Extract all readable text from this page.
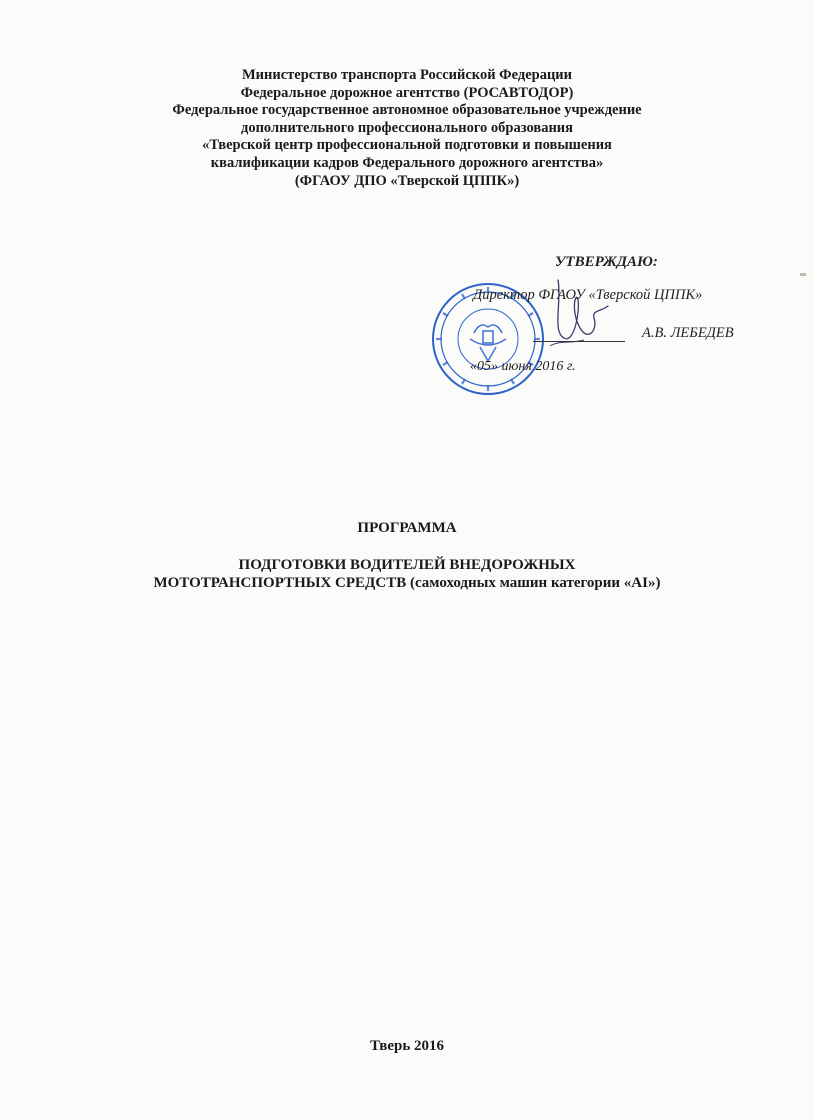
Министерство транспорта Российской Федерации
Федеральное дорожное агентство (РОСАВТОДОР)
Федеральное государственное автономное образовательное учреждение
дополнительного профессионального образования
«Тверской центр профессиональной подготовки и повышения
квалификации кадров Федерального дорожного агентства»
(ФГАОУ ДПО «Тверской ЦППК»)
УТВЕРЖДАЮ:
Директор ФГАОУ «Тверской ЦППК»
А.В. ЛЕБЕДЕВ
«05» июня 2016 г.
ПРОГРАММА
ПОДГОТОВКИ ВОДИТЕЛЕЙ ВНЕДОРОЖНЫХ
МОТОТРАНСПОРТНЫХ СРЕДСТВ (самоходных машин категории «AI»)
Тверь 2016
